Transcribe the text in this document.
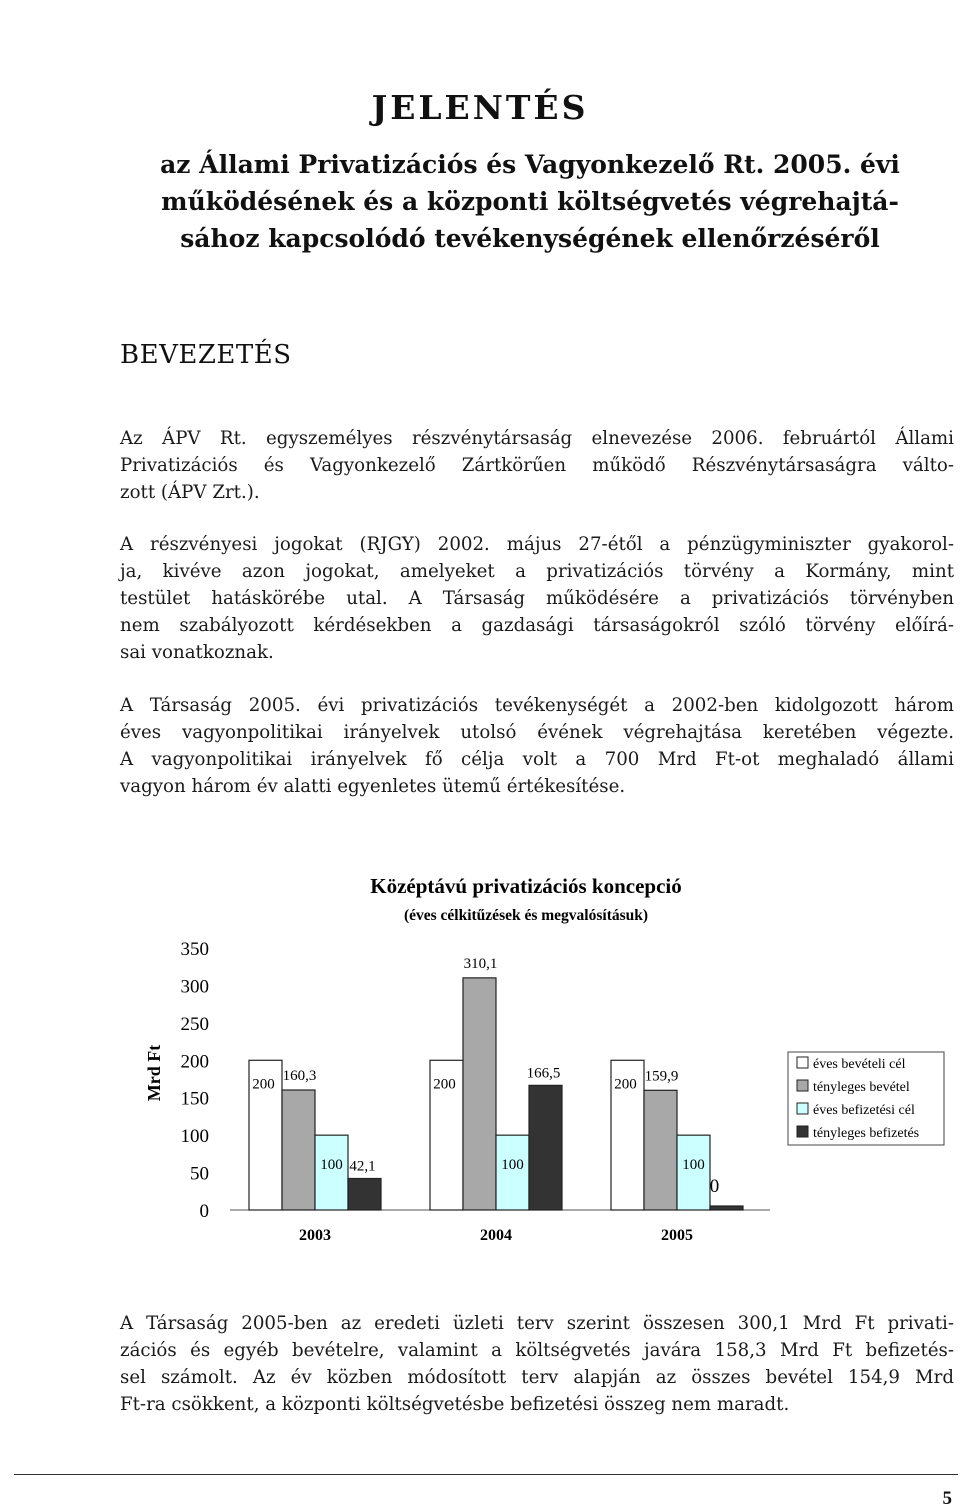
JELENTÉS
az Állami Privatizációs és Vagyonkezelő Rt. 2005. évi
működésének és a központi költségvetés végrehajtá-
sához kapcsolódó tevékenységének ellenőrzéséről
BEVEZETÉS

Az ÁPV Rt. egyszemélyes részvénytársaság elnevezése 2006. februártól Állami
Privatizációs és Vagyonkezelő Zártkörűen működő Részvénytársaságra válto-
zott (ÁPV Zrt.).

A részvényesi jogokat (RJGY) 2002. május 27-étől a pénzügyminiszter gyakorol-
ja, kivéve azon jogokat, amelyeket a privatizációs törvény a Kormány, mint
testület hatáskörébe utal. A Társaság működésére a privatizációs törvényben
nem szabályozott kérdésekben a gazdasági társaságokról szóló törvény előírá-
sai vonatkoznak.

A Társaság 2005. évi privatizációs tevékenységét a 2002-ben kidolgozott három
éves vagyonpolitikai irányelvek utolsó évének végrehajtása keretében végezte.
A vagyonpolitikai irányelvek fő célja volt a 700 Mrd Ft-ot meghaladó állami
vagyon három év alatti egyenletes ütemű értékesítése.

Középtávú privatizációs koncepció
(éves célkitűzések és megvalósításuk)
Mrd Ft
0
50
100
150
200
250
300
350
200
160,3
100 42,1
200
310,1
100
166,5
200 159,9
100
0
2003	2004	2005
éves bevételi cél
tényleges bevétel
éves befizetési cél
tényleges befizetés

A Társaság 2005-ben az eredeti üzleti terv szerint összesen 300,1 Mrd Ft privati-
zációs és egyéb bevételre, valamint a költségvetés javára 158,3 Mrd Ft befizetés-
sel számolt. Az év közben módosított terv alapján az összes bevétel 154,9 Mrd
Ft-ra csökkent, a központi költségvetésbe befizetési összeg nem maradt.

5
